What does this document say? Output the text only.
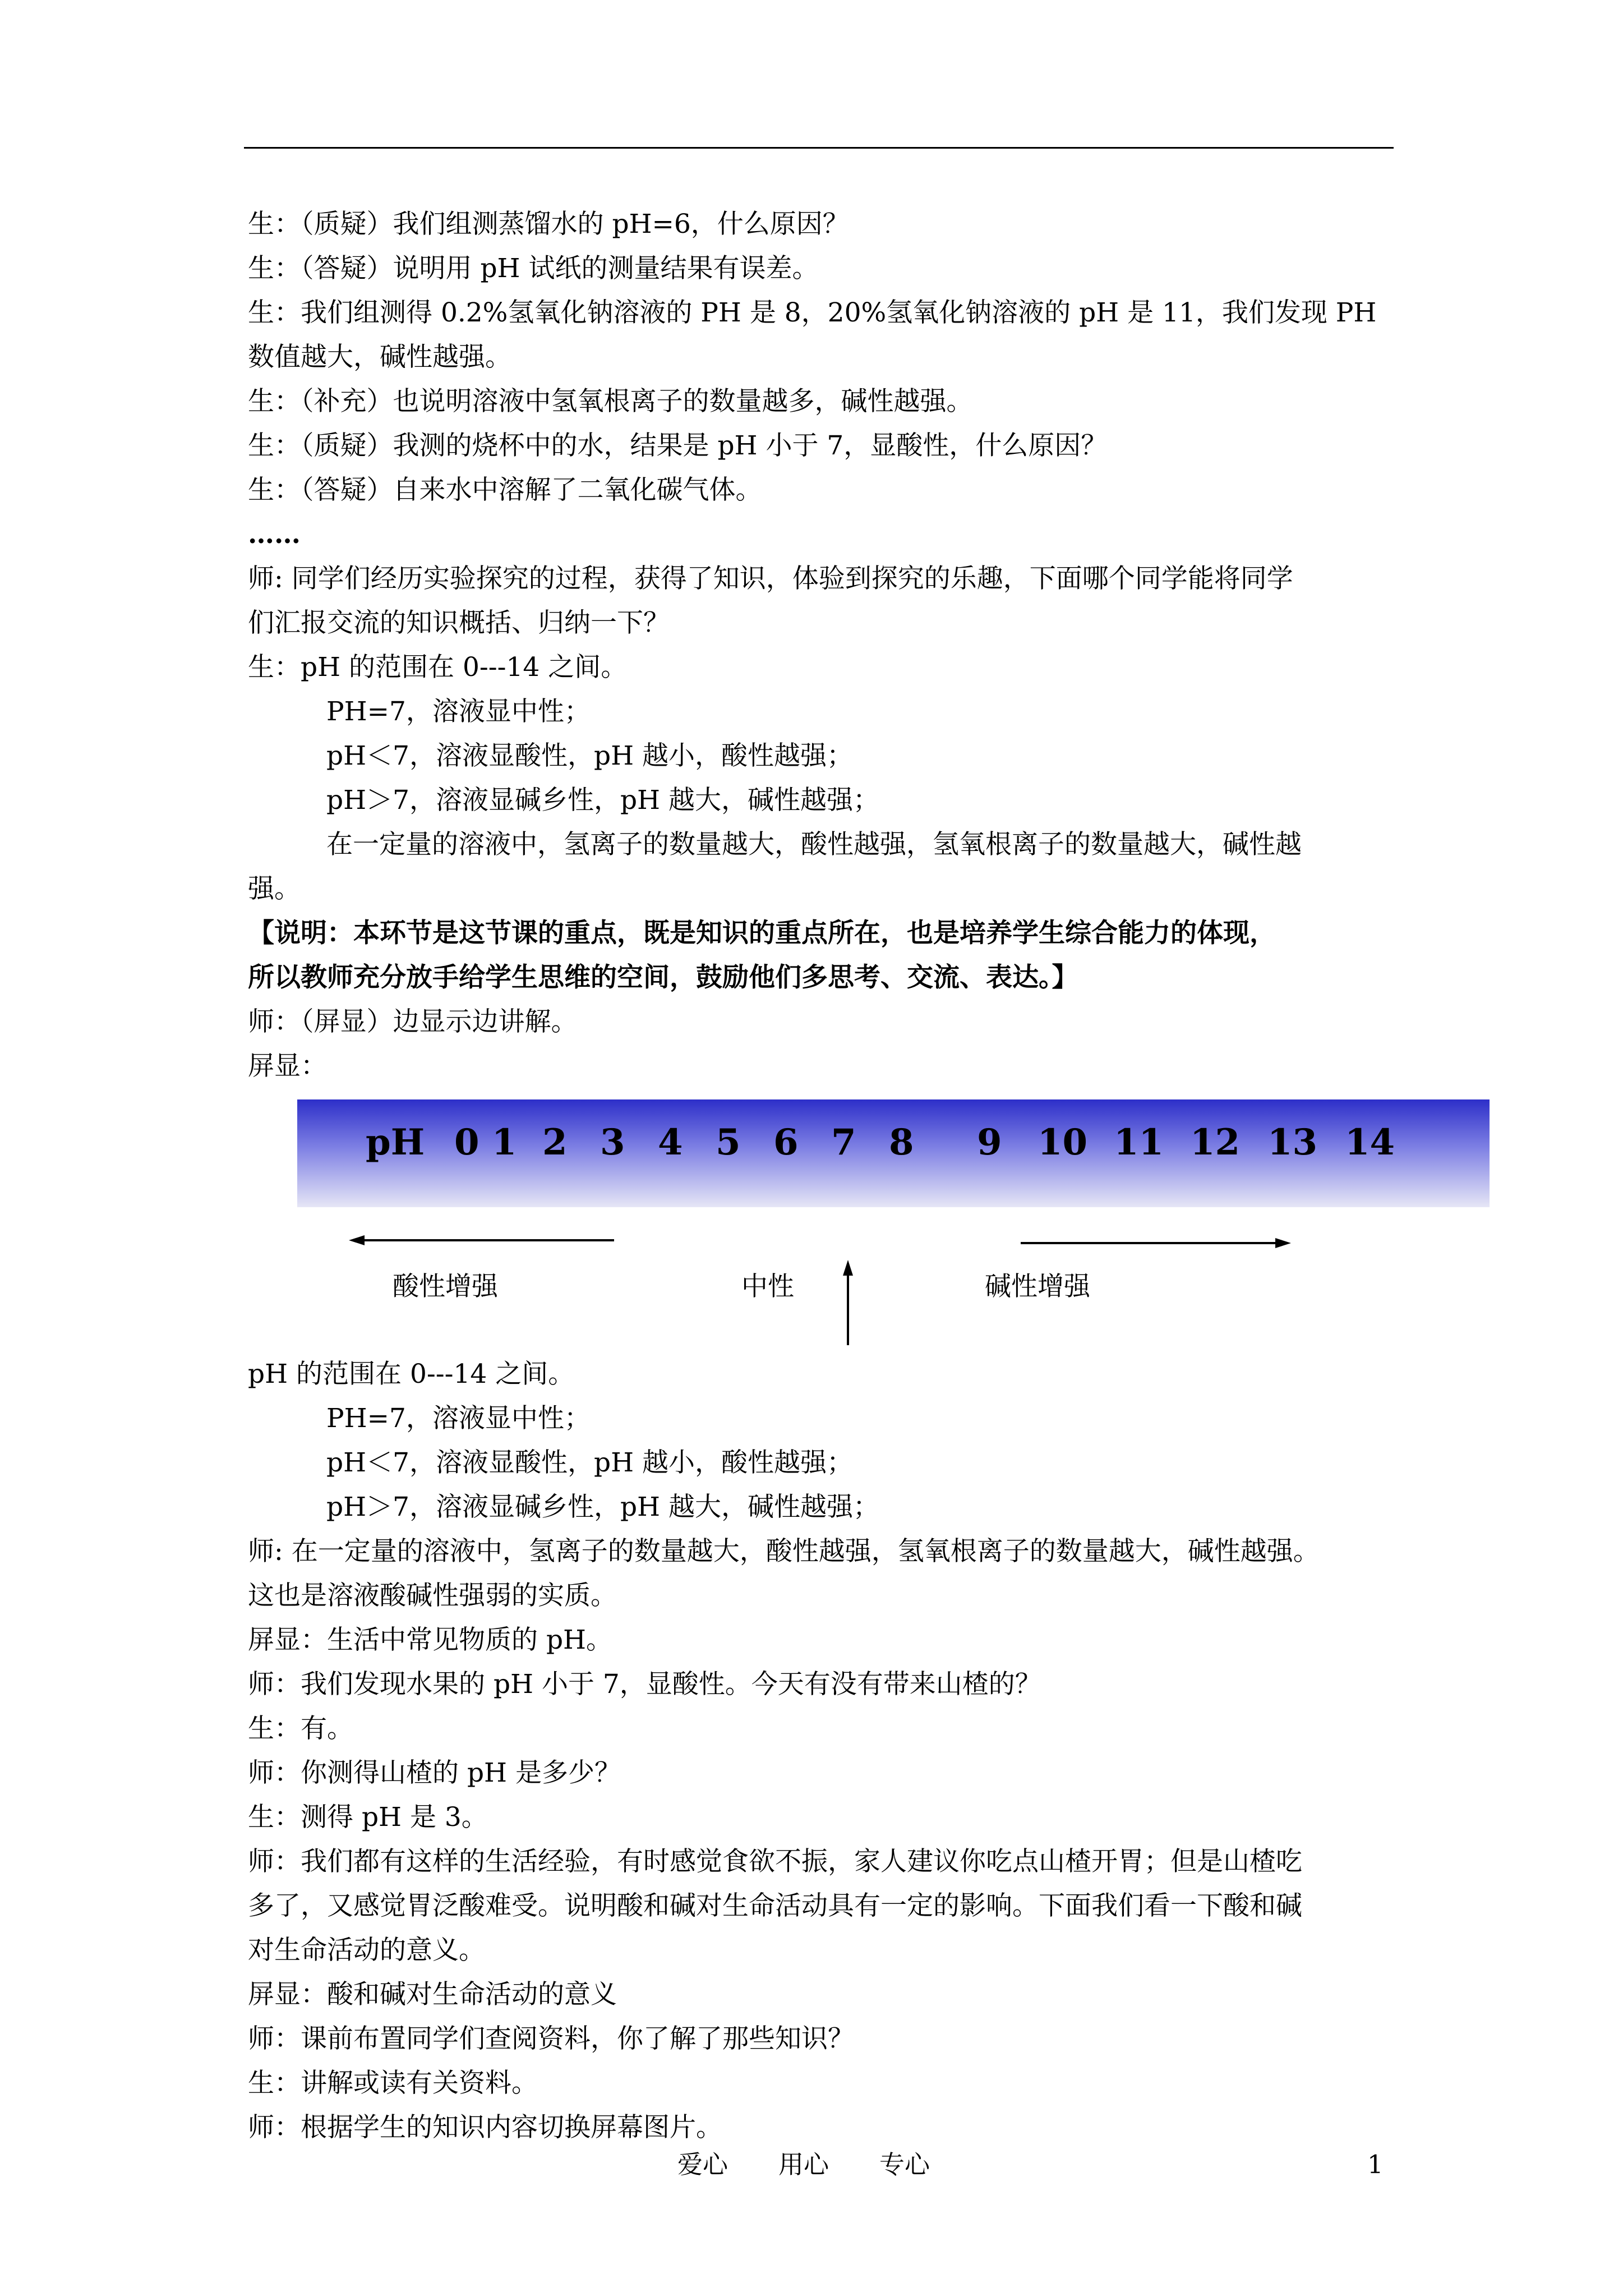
生：（质疑）我们组测蒸馏水的 pH=6，什么原因？
生：（答疑）说明用 pH 试纸的测量结果有误差。
生：我们组测得 0.2%氢氧化钠溶液的 PH 是 8，20%氢氧化钠溶液的 pH 是 11，我们发现 PH
数值越大，碱性越强。
生：（补充）也说明溶液中氢氧根离子的数量越多，碱性越强。
生：（质疑）我测的烧杯中的水，结果是 pH 小于 7，显酸性，什么原因？
生：（答疑）自来水中溶解了二氧化碳气体。
……
师: 同学们经历实验探究的过程，获得了知识，体验到探究的乐趣，下面哪个同学能将同学
们汇报交流的知识概括、归纳一下？
生：pH 的范围在 0---14 之间。
PH=7，溶液显中性；
pH＜7，溶液显酸性，pH 越小，酸性越强；
pH＞7，溶液显碱乡性，pH 越大，碱性越强；
在一定量的溶液中，氢离子的数量越大，酸性越强，氢氧根离子的数量越大，碱性越
强。
【说明：本环节是这节课的重点，既是知识的重点所在，也是培养学生综合能力的体现，
所以教师充分放手给学生思维的空间，鼓励他们多思考、交流、表达。】
师：（屏显）边显示边讲解。
屏显：
pH 0 1 2 3 4 5 6 7 8 9 10 11 12 13 14
酸性增强	中性	碱性增强
pH 的范围在 0---14 之间。
PH=7，溶液显中性；
pH＜7，溶液显酸性，pH 越小，酸性越强；
pH＞7，溶液显碱乡性，pH 越大，碱性越强；
师: 在一定量的溶液中，氢离子的数量越大，酸性越强，氢氧根离子的数量越大，碱性越强。
这也是溶液酸碱性强弱的实质。
屏显：生活中常见物质的 pH。
师：我们发现水果的 pH 小于 7，显酸性。今天有没有带来山楂的？
生：有。
师：你测得山楂的 pH 是多少？
生：测得 pH 是 3。
师：我们都有这样的生活经验，有时感觉食欲不振，家人建议你吃点山楂开胃；但是山楂吃
多了，又感觉胃泛酸难受。说明酸和碱对生命活动具有一定的影响。下面我们看一下酸和碱
对生命活动的意义。
屏显：酸和碱对生命活动的意义
师：课前布置同学们查阅资料，你了解了那些知识？
生：讲解或读有关资料。
师：根据学生的知识内容切换屏幕图片。
爱心　　用心　　专心	1
